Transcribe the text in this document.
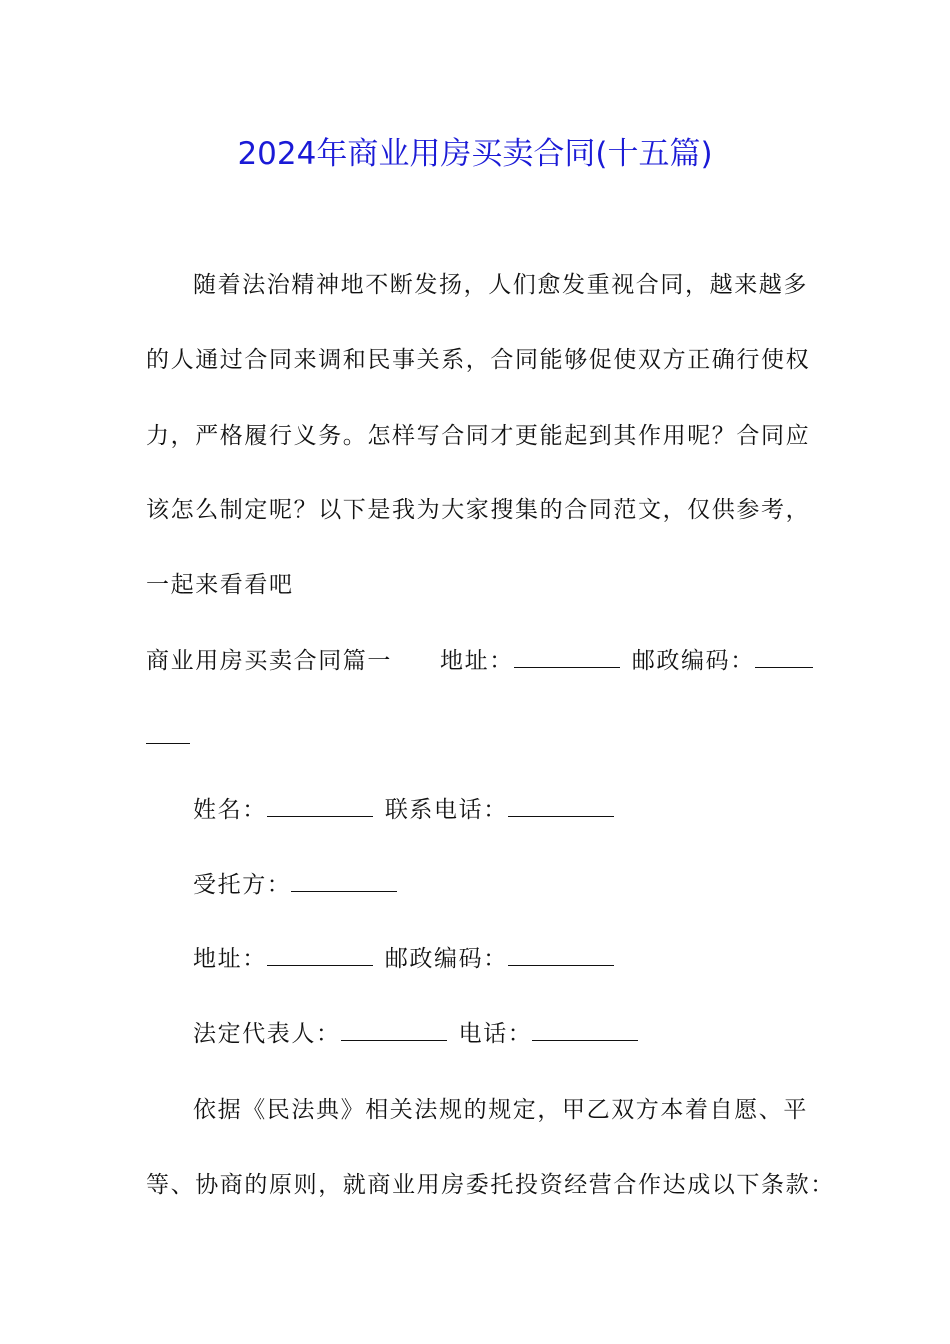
2024年商业用房买卖合同(十五篇)
随着法治精神地不断发扬，人们愈发重视合同，越来越多
的人通过合同来调和民事关系，合同能够促使双方正确行使权
力，严格履行义务。怎样写合同才更能起到其作用呢？合同应
该怎么制定呢？以下是我为大家搜集的合同范文，仅供参考，
一起来看看吧
商业用房买卖合同篇一 地址：	邮政编码：
姓名：	联系电话：
受托方：
地址：	邮政编码：
法定代表人：	电话：
依据《民法典》相关法规的规定，甲乙双方本着自愿、平
等、协商的原则，就商业用房委托投资经营合作达成以下条款：
